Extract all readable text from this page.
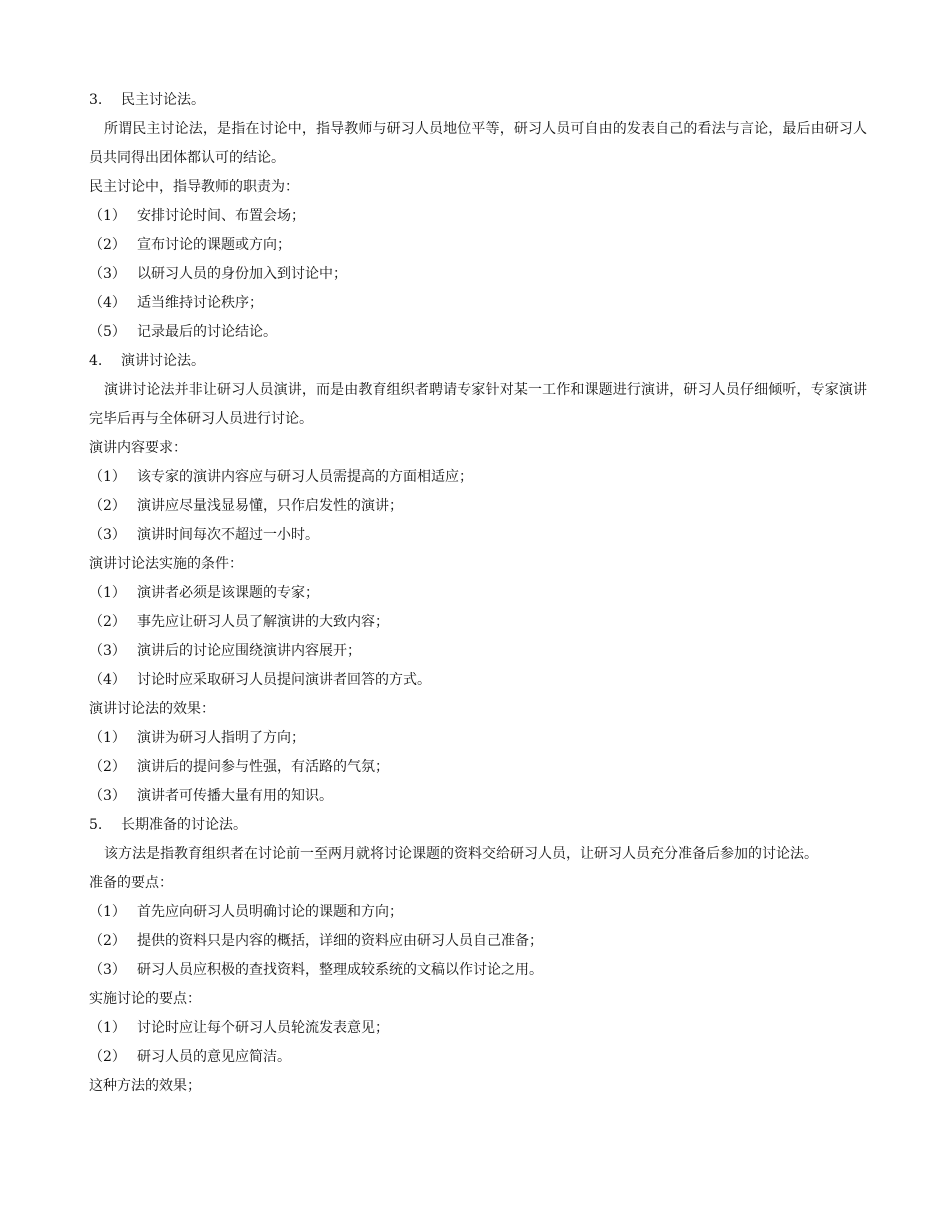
3. 民主讨论法。

所谓民主讨论法，是指在讨论中，指导教师与研习人员地位平等，研习人员可自由的发表自己的看法与言论，最后由研习人员共同得出团体都认可的结论。

民主讨论中，指导教师的职责为：
（1） 安排讨论时间、布置会场；
（2） 宣布讨论的课题或方向；
（3） 以研习人员的身份加入到讨论中；
（4） 适当维持讨论秩序；
（5） 记录最后的讨论结论。
4. 演讲讨论法。

演讲讨论法并非让研习人员演讲，而是由教育组织者聘请专家针对某一工作和课题进行演讲，研习人员仔细倾听，专家演讲完毕后再与全体研习人员进行讨论。

演讲内容要求：
（1） 该专家的演讲内容应与研习人员需提高的方面相适应；
（2） 演讲应尽量浅显易懂，只作启发性的演讲；
（3） 演讲时间每次不超过一小时。
演讲讨论法实施的条件：
（1） 演讲者必须是该课题的专家；
（2） 事先应让研习人员了解演讲的大致内容；
（3） 演讲后的讨论应围绕演讲内容展开；
（4） 讨论时应采取研习人员提问演讲者回答的方式。
演讲讨论法的效果：
（1） 演讲为研习人指明了方向；
（2） 演讲后的提问参与性强，有活路的气氛；
（3） 演讲者可传播大量有用的知识。
5. 长期准备的讨论法。

该方法是指教育组织者在讨论前一至两月就将讨论课题的资料交给研习人员，让研习人员充分准备后参加的讨论法。

准备的要点：
（1） 首先应向研习人员明确讨论的课题和方向；
（2） 提供的资料只是内容的概括，详细的资料应由研习人员自己准备；
（3） 研习人员应积极的查找资料，整理成较系统的文稿以作讨论之用。
实施讨论的要点：
（1） 讨论时应让每个研习人员轮流发表意见；
（2） 研习人员的意见应简洁。
这种方法的效果；
